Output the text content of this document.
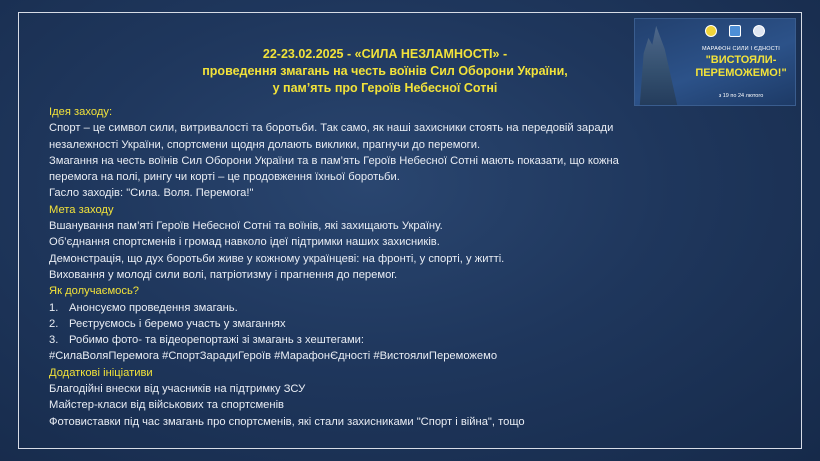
22-23.02.2025 - «СИЛА НЕЗЛАМНОСТІ» -
проведення змагань на честь воїнів Сил Оборони України,
у пам’ять про Героїв Небесної Сотні
МАРАФОН СИЛИ І ЄДНОСТІ
"ВИСТОЯЛИ-
ПЕРЕМОЖЕМО!"
з 19 по 24 лютого
Ідея заходу:
Спорт – це символ сили, витривалості та боротьби. Так само, як наші захисники стоять на передовій заради
незалежності України, спортсмени щодня долають виклики, прагнучи до перемоги.
Змагання на честь воїнів Сил Оборони України та в пам’ять Героїв Небесної Сотні мають показати, що кожна
перемога на полі, рингу чи корті – це продовження їхньої боротьби.
Гасло заходів: "Сила. Воля. Перемога!"
Мета заходу
Вшанування пам’яті Героїв Небесної Сотні та воїнів, які захищають Україну.
Об’єднання спортсменів і громад навколо ідеї підтримки наших захисників.
Демонстрація, що дух боротьби живе у кожному українцеві: на фронті, у спорті, у житті.
Виховання у молоді сили волі, патріотизму і прагнення до перемог.
Як долучаємось?
1. Анонсуємо проведення змагань.
2. Реєтруємось і беремо участь у змаганнях
3. Робимо фото- та відеорепортажі зі змагань з хештегами:
#СилаВоляПеремога #СпортЗарадиГероїв #МарафонЄдності #ВистоялиПереможемо
Додаткові ініціативи
Благодійні внески від учасників на підтримку ЗСУ
Майстер-класи від військових та спортсменів
Фотовиставки під час змагань про спортсменів, які стали захисниками "Спорт і війна", тощо
